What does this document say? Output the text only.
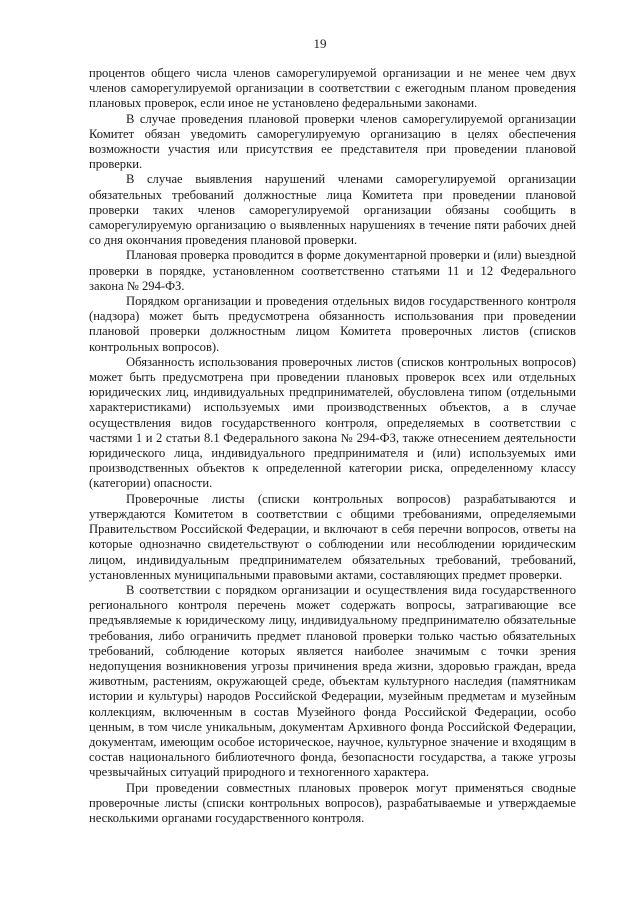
19

процентов общего числа членов саморегулируемой организации и не менее чем двух членов саморегулируемой организации в соответствии с ежегодным планом проведения плановых проверок, если иное не установлено федеральными законами.

В случае проведения плановой проверки членов саморегулируемой организации Комитет обязан уведомить саморегулируемую организацию в целях обеспечения возможности участия или присутствия ее представителя при проведении плановой проверки.

В случае выявления нарушений членами саморегулируемой организации обязательных требований должностные лица Комитета при проведении плановой проверки таких членов саморегулируемой организации обязаны сообщить в саморегулируемую организацию о выявленных нарушениях в течение пяти рабочих дней со дня окончания проведения плановой проверки.

Плановая проверка проводится в форме документарной проверки и (или) выездной проверки в порядке, установленном соответственно статьями 11 и 12 Федерального закона № 294-ФЗ.

Порядком организации и проведения отдельных видов государственного контроля (надзора) может быть предусмотрена обязанность использования при проведении плановой проверки должностным лицом Комитета проверочных листов (списков контрольных вопросов).

Обязанность использования проверочных листов (списков контрольных вопросов) может быть предусмотрена при проведении плановых проверок всех или отдельных юридических лиц, индивидуальных предпринимателей, обусловлена типом (отдельными характеристиками) используемых ими производственных объектов, а в случае осуществления видов государственного контроля, определяемых в соответствии с частями 1 и 2 статьи 8.1 Федерального закона № 294-ФЗ, также отнесением деятельности юридического лица, индивидуального предпринимателя и (или) используемых ими производственных объектов к определенной категории риска, определенному классу (категории) опасности.

Проверочные листы (списки контрольных вопросов) разрабатываются и утверждаются Комитетом в соответствии с общими требованиями, определяемыми Правительством Российской Федерации, и включают в себя перечни вопросов, ответы на которые однозначно свидетельствуют о соблюдении или несоблюдении юридическим лицом, индивидуальным предпринимателем обязательных требований, требований, установленных муниципальными правовыми актами, составляющих предмет проверки.

В соответствии с порядком организации и осуществления вида государственного регионального контроля перечень может содержать вопросы, затрагивающие все предъявляемые к юридическому лицу, индивидуальному предпринимателю обязательные требования, либо ограничить предмет плановой проверки только частью обязательных требований, соблюдение которых является наиболее значимым с точки зрения недопущения возникновения угрозы причинения вреда жизни, здоровью граждан, вреда животным, растениям, окружающей среде, объектам культурного наследия (памятникам истории и культуры) народов Российской Федерации, музейным предметам и музейным коллекциям, включенным в состав Музейного фонда Российской Федерации, особо ценным, в том числе уникальным, документам Архивного фонда Российской Федерации, документам, имеющим особое историческое, научное, культурное значение и входящим в состав национального библиотечного фонда, безопасности государства, а также угрозы чрезвычайных ситуаций природного и техногенного характера.

При проведении совместных плановых проверок могут применяться сводные проверочные листы (списки контрольных вопросов), разрабатываемые и утверждаемые несколькими органами государственного контроля.
